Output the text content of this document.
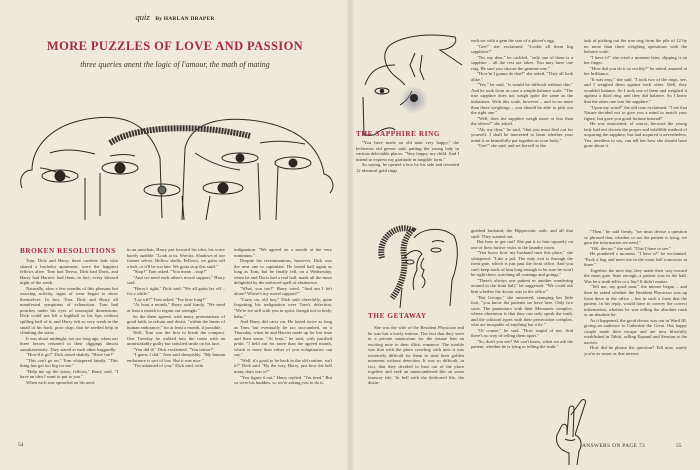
quiz By HARLAN DRAPER
MORE PUZZLES OF LOVE AND PASSION
three queries anent the logic of l'amour, the math of mating
BROKEN RESOLUTIONS

Tom, Dick and Harry, three carefree lads who shared a bachelor apartment, were the happiest fellows alive. Tom had Teresa, Dick had Doris, and Harry had Harriet: had them, in fact, every blessed night of the week.

Naturally, after a few months of this pleasant but exacting activity, signs of wear began to show themselves. In fact, Tom, Dick and Harry all manifested symptoms of exhaustion. Tom had pouches under his eyes of marsupial dimensions; Dick could not lift a highball to his lips without spilling half of it; and Harry felt so very weak in the small of his back, poor chap, that he needed help in climbing the stairs.

It was about midnight, not too long ago, when our three heroes returned to their diggings almost simultaneously. They stared at each other haggardly.

"How'd it go?" Dick asked shakily. "Have fun?"

"This can't go on," Tom whispered faintly. "This thing has got too big for me."

"Help me up the stairs, fellows," Harry said. "I have an idea I want to put to you."

When each was sprawled on his neck

in an armchair, Harry put forward his idea, his voice barely audible. "Look at us. Wrecks. Shadows of our former selves. Hollow shells. Fellows, we gotta call a halt, or it'll be too late. We gotta stop this stuff."

"Stop?" Tom asked. "You mean – stop?"

"And we need each other's moral support," Harry said.

"Harry's right," Dick said. "We all gotta lay off – for a while."

"Lay off?" Tom asked. "For how long?"

"At least a month," Harry said firmly. "We need at least a month to regain our strength."

So the three agreed, with many protestations of good faith, to refrain and desist, "within the limits of human endurance," for at least a month, if possible.

Well, Tom was the first to break the compact. One Tuesday he walked into the room with an unmistakably guilty but satisfied smile on his face.

"You did it!" Dick exclaimed. "You traitor!"

"I guess I did," Tom said sheepishly. "My human endurance is sort of low. But it was nice."

"I'm ashamed of you," Dick said, with

indignation. "We agreed on a month at the very minimum."

Despite his recriminations, however, Dick was the next one to capitulate. He lasted half again as long as Tom, but he finally fell, on a Wednesday, when he and Doris had a real ball, made all the more delightful by the enforced spell of abstinence.

"What, you too?" Harry cried. "And am I left alone? Where's my moral support?"

"Carry on, old boy," Dick said cheerfully, quite forgetting his indignation over Tom's defection. "We're are still with you in spirit, though not in body, haha."

And Harry did carry on. He lasted twice as long as Tom, but eventually he too succumbed, on a Thursday, when he and Harriet made up for lost time and then some. "At least," he said, with justified pride, "I held out for more than the agreed month, which is more than either of you voluptuaries can say."

"Well, it's good to be back in the old routine, isn't it?" Dick said. "By the way, Harry, just how the hell many days was it?"

"You figure it out," Harry replied. "I'm tired." But so were his buddies, so we're asking you to do it.

54
THE SAPPHIRE RING

"You have made an old man very happy," the lecherous old geezer said, patting the young lady in various delectable places. "Very happy, my child. And I intend to express my gratitude in tangible form."

So saying, he opened a box by his side and revealed 12 identical gold rings

each set with a gem the size of a plover's egg.

"Gee!" she exclaimed. "Lookit all them big sapphires!"

"No, my dear," he cackled, "only one of them is a sapphire – all the rest are fakes. You may have one ring. Be sure you choose the genuine one."

"How'm I gonna do that?" she asked. "They all look alike."

"Yes," he said, "it would be difficult without this." And he took from its case a simple balance scale. "The true sapphire does not weigh quite the same as the imitations. With this scale, however – and in no more than three weighings – you should be able to pick out the right one."

"Well, does the sapphire weigh more or less than the others?" she asked.

"Ah, my dear," he said, "that you must find out for yourself. I shall be interested to learn whether your mind is as beautifully put together as your body."

"Gee!" she said, and set herself to the

task of picking out the true ring from the pile of 12 by no more than three weighing operations with the balance scale.

"I have it!" she cried a moment later, slipping it on her finger.

"How did you do it so swiftly?" he asked, amazed at her brilliance.

"It was easy," she said. "I took two of the rings, see, and I weighed them against each other. Well, they wouldn't balance. So I took one of them and weighed it against a third ring, and they did balance. So I knew that the other one was the sapphire."

"Upon my word!" the old roue exclaimed. "I see that Nature decided not to give you a mind to match your figure, but gave you good fortune instead!"

He was astonished, of course, because the young lady had not chosen the proper and infallible method of acquiring the sapphire, but had acquired it nevertheless. You, needless to say, can tell her how she should have gone about it.

THE GETAWAY

She was the wife of the Resident Physician and he was but a lowly interne. The fact that they were in a private sanatorium for the insane lent an exciting note to their illicit romance. The trouble was that with the place crawling with nuts it was extremely difficult for them to steal their golden moments without detection. It was so difficult, in fact, that they decided to bust out of the place together and seek an unencumbered life on some faraway isle. To hell with the dedicated life, the distin-

guished husband, the Hippocratic oath, and all that stuff. They wanted out.

But how to get out? She put it to him squarely on one of their furtive visits to the laundry room.

"You know how my husband runs this place," she whispered. "Like a jail. The only exit is through the front gate, which is just past the front office. And you can't keep track of him long enough to be sure he won't be right there, watching all comings and goings."

"There's always one patient or another wandering around in the front hall," he suggested. "We could ask him whether the doctor was in the office."

"But George," she answered, stamping her little foot, "you know the patients we have here. Only two sorts. The paranoiacs with their Messianic complex, whose obsession is that they can only speak the truth, and the schizoid types with their persecution complex, who are incapable of anything but a lie."

"Of course," he said. "How stupid of me. And there's no way of telling them apart."

"So, don't you see? We can't know, when we ask the patient, whether he is lying or telling the truth."

"Then," he said firmly, "we must devise a question so phrased that, whether or not the patient is lying, we gain the information we need."

"OK, devise," she said. "This I have to see."

He pondered a moment. "I have it!" he exclaimed. "Pack a bag and meet me in the main hall tomorrow at three."

Together, the next day, they made their way toward the main gate. Sure enough, a patient was in the hall. Was he a truth-teller or a liar? It didn't matter.

"Tell me, my good man," the interne began – and then he asked whether the Resident Physician was up front there in the office – but in such a form that the patient, in his reply, would have to convey the correct information, whether he was telling the absolute truth or an absolute lie.

As it happened, the good doctor was out in Ward III, giving an audience to Catherine the Great. Our happy couple made their escape and are now blissfully established in Tahiti, selling Equanil and Serutan to the natives.

How did he phrase the question? Tell now, surely you're as smart as that interne.

ANSWERS ON PAGE 73	55
